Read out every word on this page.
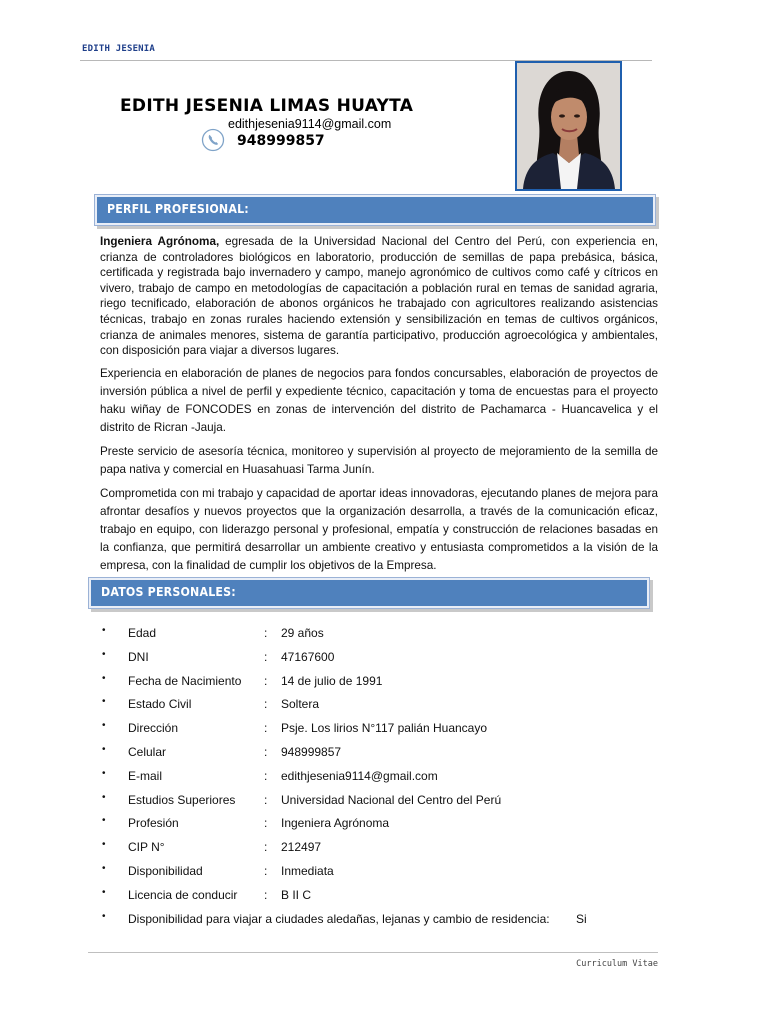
EDITH JESENIA
EDITH JESENIA LIMAS HUAYTA
edithjesenia9114@gmail.com
948999857
PERFIL PROFESIONAL:

Ingeniera Agrónoma, egresada de la Universidad Nacional del Centro del Perú, con experiencia en, crianza de controladores biológicos en laboratorio, producción de semillas de papa prebásica, básica, certificada y registrada bajo invernadero y campo, manejo agronómico de cultivos como café y cítricos en vivero, trabajo de campo en metodologías de capacitación a población rural en temas de sanidad agraria, riego tecnificado, elaboración de abonos orgánicos he trabajado con agricultores realizando asistencias técnicas, trabajo en zonas rurales haciendo extensión y sensibilización en temas de cultivos orgánicos, crianza de animales menores, sistema de garantía participativo, producción agroecológica y ambientales, con disposición para viajar a diversos lugares.

Experiencia en elaboración de planes de negocios para fondos concursables, elaboración de proyectos de inversión pública a nivel de perfil y expediente técnico, capacitación y toma de encuestas para el proyecto haku wiñay de FONCODES en zonas de intervención del distrito de Pachamarca - Huancavelica y el distrito de Ricran -Jauja.

Preste servicio de asesoría técnica, monitoreo y supervisión al proyecto de mejoramiento de la semilla de papa nativa y comercial en Huasahuasi Tarma Junín.

Comprometida con mi trabajo y capacidad de aportar ideas innovadoras, ejecutando planes de mejora para afrontar desafíos y nuevos proyectos que la organización desarrolla, a través de la comunicación eficaz, trabajo en equipo, con liderazgo personal y profesional, empatía y construcción de relaciones basadas en la confianza, que permitirá desarrollar un ambiente creativo y entusiasta comprometidos a la visión de la empresa, con la finalidad de cumplir los objetivos de la Empresa.

DATOS PERSONALES:
• Edad	: 29 años
• DNI	: 47167600
• Fecha de Nacimiento : 14 de julio de 1991
• Estado Civil	: Soltera
• Dirección	: Psje. Los lirios N°117 palián Huancayo
• Celular	: 948999857
• E-mail	: edithjesenia9114@gmail.com
• Estudios Superiores : Universidad Nacional del Centro del Perú
• Profesión	: Ingeniera Agrónoma
• CIP N°	: 212497
• Disponibilidad	: Inmediata
• Licencia de conducir : B II C
• Disponibilidad para viajar a ciudades aledañas, lejanas y cambio de residencia: Si
Curriculum Vitae
